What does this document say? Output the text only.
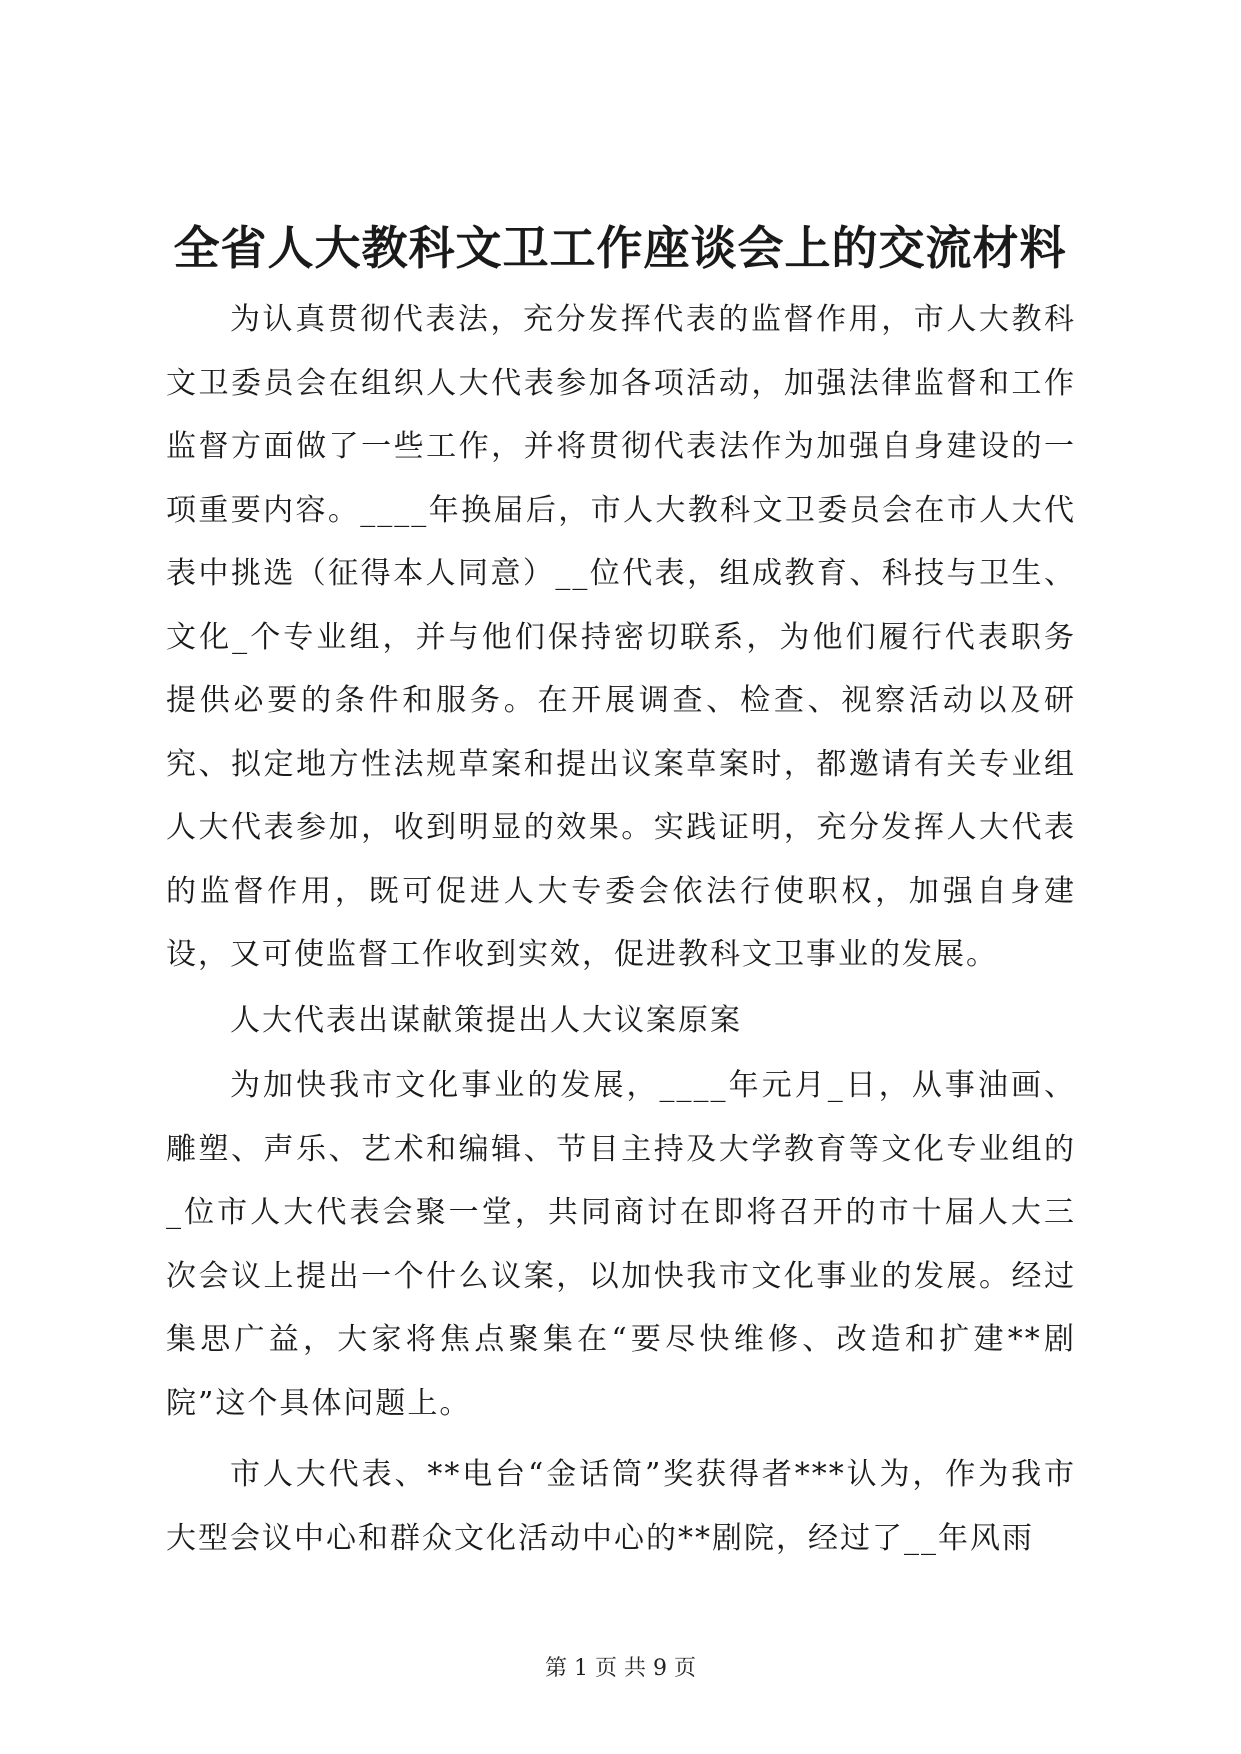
全省人大教科文卫工作座谈会上的交流材料

为认真贯彻代表法，充分发挥代表的监督作用，市人大教科文卫委员会在组织人大代表参加各项活动，加强法律监督和工作监督方面做了一些工作，并将贯彻代表法作为加强自身建设的一项重要内容。____年换届后，市人大教科文卫委员会在市人大代表中挑选（征得本人同意）__位代表，组成教育、科技与卫生、文化_个专业组，并与他们保持密切联系，为他们履行代表职务提供必要的条件和服务。在开展调查、检查、视察活动以及研究、拟定地方性法规草案和提出议案草案时，都邀请有关专业组人大代表参加，收到明显的效果。实践证明，充分发挥人大代表的监督作用，既可促进人大专委会依法行使职权，加强自身建设，又可使监督工作收到实效，促进教科文卫事业的发展。

人大代表出谋献策提出人大议案原案

为加快我市文化事业的发展，____年元月_日，从事油画、雕塑、声乐、艺术和编辑、节目主持及大学教育等文化专业组的_位市人大代表会聚一堂，共同商讨在即将召开的市十届人大三次会议上提出一个什么议案，以加快我市文化事业的发展。经过集思广益，大家将焦点聚集在“要尽快维修、改造和扩建**剧院”这个具体问题上。

市人大代表、**电台“金话筒”奖获得者***认为，作为我市大型会议中心和群众文化活动中心的**剧院，经过了__年风雨

第 1 页 共 9 页
